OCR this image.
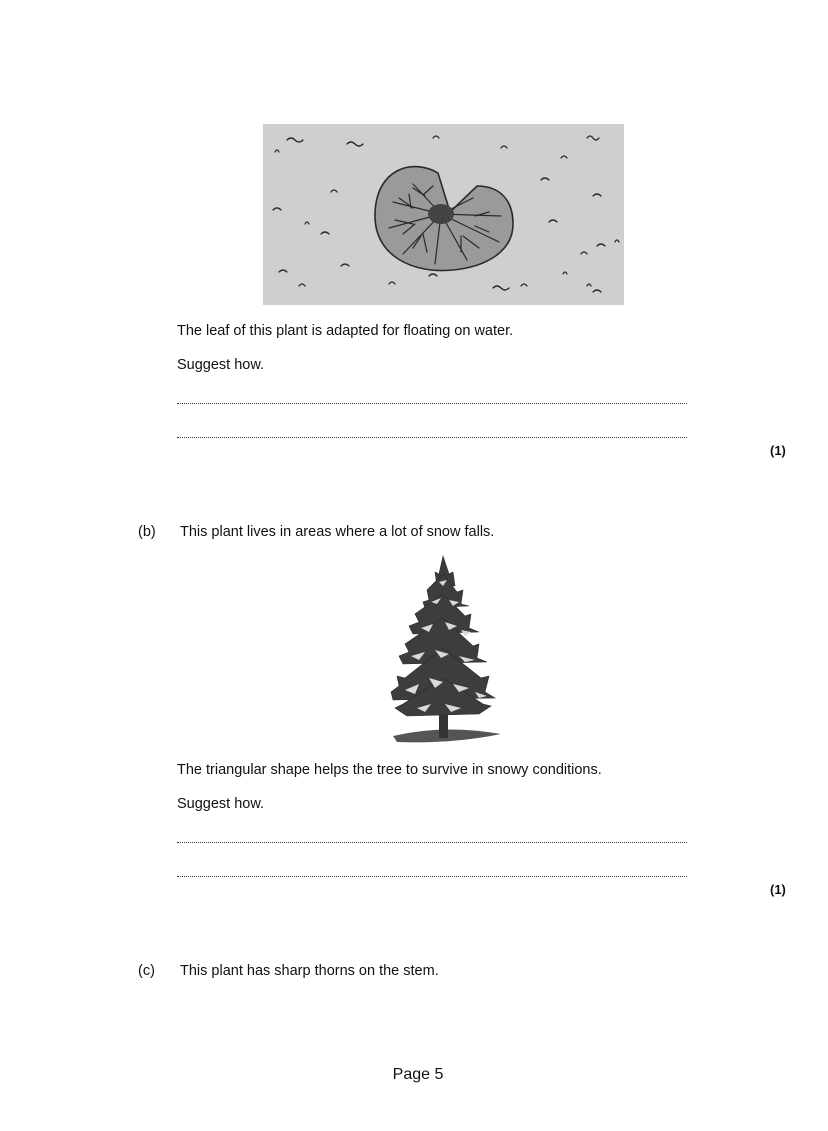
The leaf of this plant is adapted for floating on water.
Suggest how.
(1)
(b) This plant lives in areas where a lot of snow falls.
The triangular shape helps the tree to survive in snowy conditions.
Suggest how.
(1)
(c) This plant has sharp thorns on the stem.
Page 5
